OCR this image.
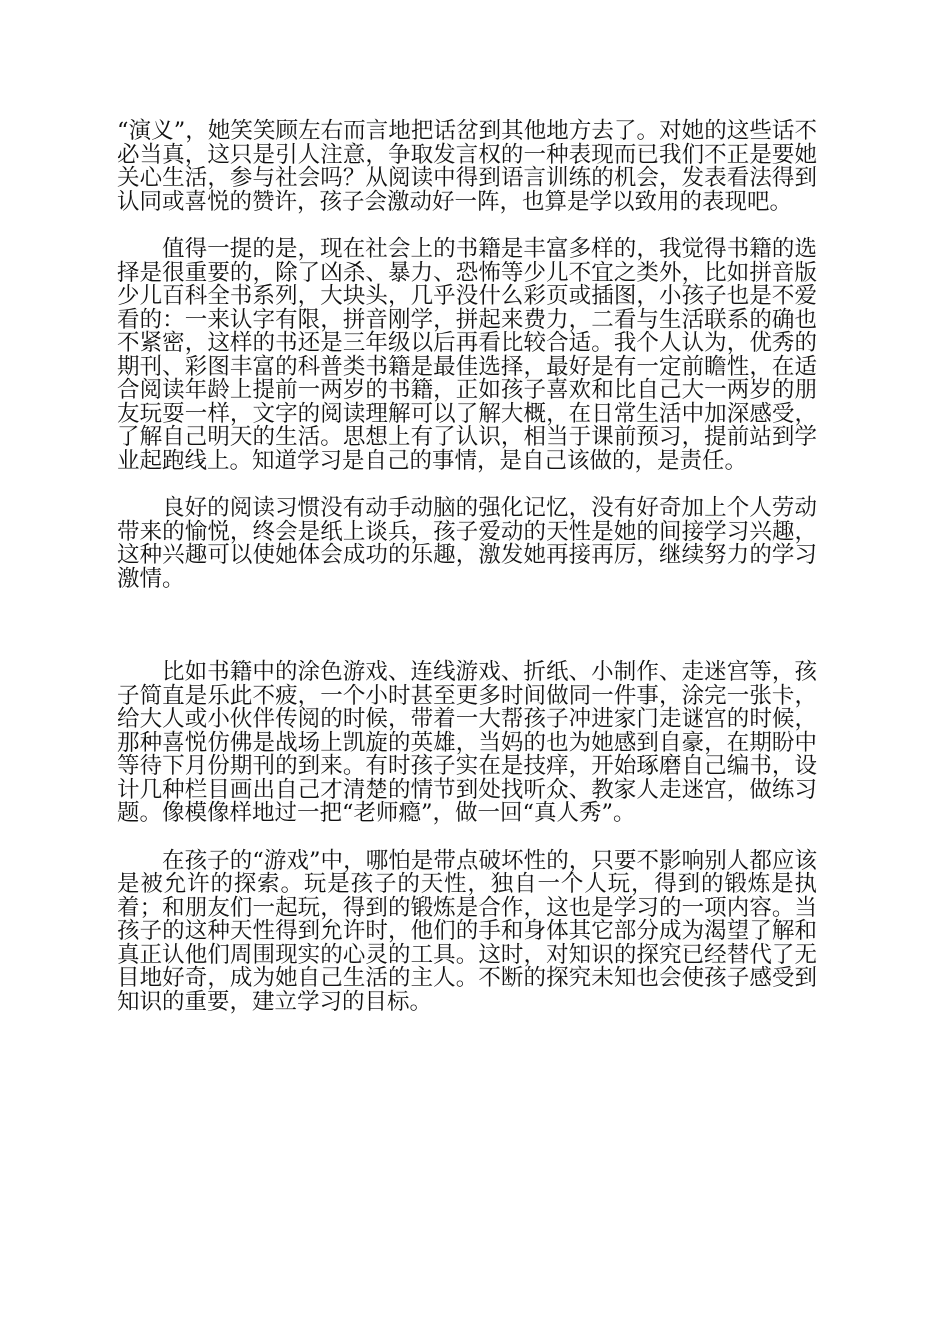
“演义”，她笑笑顾左右而言地把话岔到其他地方去了。对她的这些话不必当真，这只是引人注意，争取发言权的一种表现而已我们不正是要她关心生活，参与社会吗？从阅读中得到语言训练的机会，发表看法得到认同或喜悦的赞许，孩子会激动好一阵，也算是学以致用的表现吧。

值得一提的是，现在社会上的书籍是丰富多样的，我觉得书籍的选择是很重要的，除了凶杀、暴力、恐怖等少儿不宜之类外，比如拼音版少儿百科全书系列，大块头，几乎没什么彩页或插图，小孩子也是不爱看的：一来认字有限，拼音刚学，拼起来费力，二看与生活联系的确也不紧密，这样的书还是三年级以后再看比较合适。我个人认为，优秀的期刊、彩图丰富的科普类书籍是最佳选择，最好是有一定前瞻性，在适合阅读年龄上提前一两岁的书籍，正如孩子喜欢和比自己大一两岁的朋友玩耍一样，文字的阅读理解可以了解大概，在日常生活中加深感受，了解自己明天的生活。思想上有了认识，相当于课前预习，提前站到学业起跑线上。知道学习是自己的事情，是自己该做的，是责任。

良好的阅读习惯没有动手动脑的强化记忆，没有好奇加上个人劳动带来的愉悦，终会是纸上谈兵，孩子爱动的天性是她的间接学习兴趣，这种兴趣可以使她体会成功的乐趣，激发她再接再厉，继续努力的学习激情。

比如书籍中的涂色游戏、连线游戏、折纸、小制作、走迷宫等，孩子简直是乐此不疲，一个小时甚至更多时间做同一件事，涂完一张卡，给大人或小伙伴传阅的时候，带着一大帮孩子冲进家门走谜宫的时候，那种喜悦仿佛是战场上凯旋的英雄，当妈的也为她感到自豪，在期盼中等待下月份期刊的到来。有时孩子实在是技痒，开始琢磨自己编书，设计几种栏目画出自己才清楚的情节到处找听众、教家人走迷宫，做练习题。像模像样地过一把“老师瘾”，做一回“真人秀”。

在孩子的“游戏”中，哪怕是带点破坏性的，只要不影响别人都应该是被允许的探索。玩是孩子的天性，独自一个人玩，得到的锻炼是执着；和朋友们一起玩，得到的锻炼是合作，这也是学习的一项内容。当孩子的这种天性得到允许时，他们的手和身体其它部分成为渴望了解和真正认他们周围现实的心灵的工具。这时，对知识的探究已经替代了无目地好奇，成为她自己生活的主人。不断的探究未知也会使孩子感受到知识的重要，建立学习的目标。
